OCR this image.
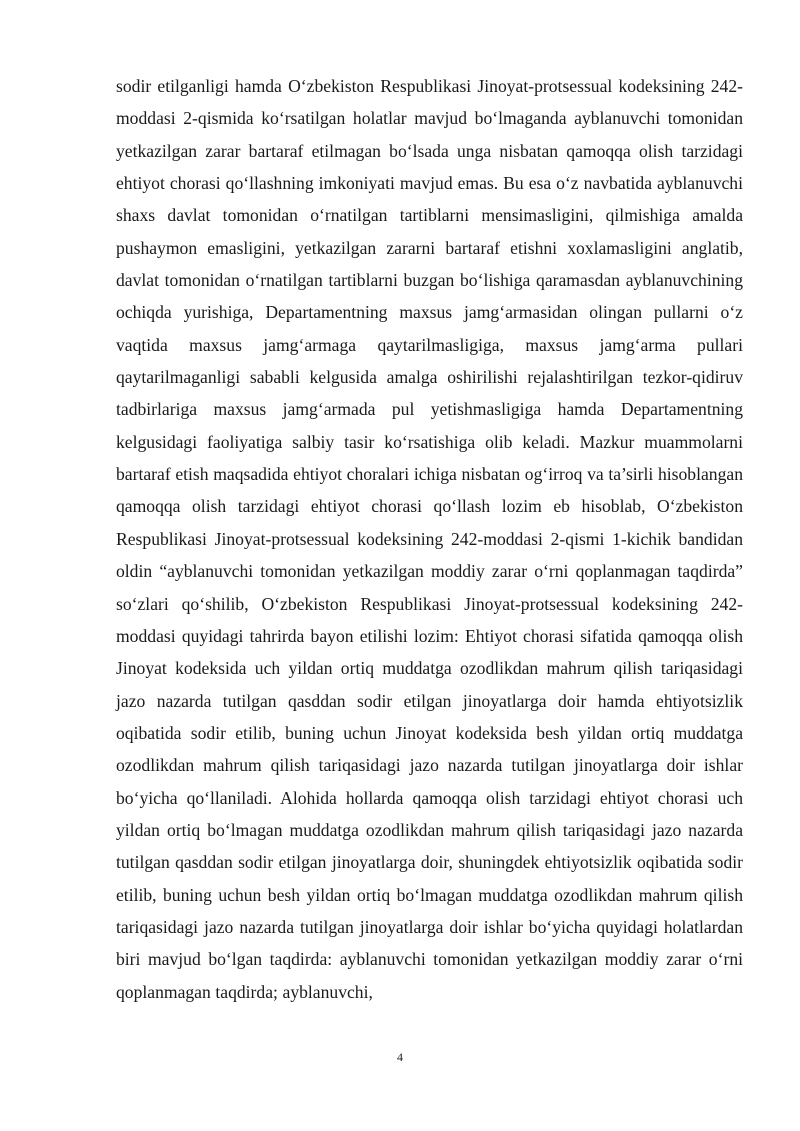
sodir etilganligi hamda O‘zbekiston Respublikasi Jinoyat-protsessual kodeksining 242-moddasi 2-qismida ko‘rsatilgan holatlar mavjud bo‘lmaganda ayblanuvchi tomonidan yetkazilgan zarar bartaraf etilmagan bo‘lsada unga nisbatan qamoqqa olish tarzidagi ehtiyot chorasi qo‘llashning imkoniyati mavjud emas. Bu esa o‘z navbatida ayblanuvchi shaxs davlat tomonidan o‘rnatilgan tartiblarni mensimasligini, qilmishiga amalda pushaymon emasligini, yetkazilgan zararni bartaraf etishni xoxlamasligini anglatib, davlat tomonidan o‘rnatilgan tartiblarni buzgan bo‘lishiga qaramasdan ayblanuvchining ochiqda yurishiga, Departamentning maxsus jamg‘armasidan olingan pullarni o‘z vaqtida maxsus jamg‘armaga qaytarilmasligiga, maxsus jamg‘arma pullari qaytarilmaganligi sababli kelgusida amalga oshirilishi rejalashtirilgan tezkor-qidiruv tadbirlariga maxsus jamg‘armada pul yetishmasligiga hamda Departamentning kelgusidagi faoliyatiga salbiy tasir ko‘rsatishiga olib keladi. Mazkur muammolarni bartaraf etish maqsadida ehtiyot choralari ichiga nisbatan og‘irroq va ta’sirli hisoblangan qamoqqa olish tarzidagi ehtiyot chorasi qo‘llash lozim eb hisoblab, O‘zbekiston Respublikasi Jinoyat-protsessual kodeksining 242-moddasi 2-qismi 1-kichik bandidan oldin “ayblanuvchi tomonidan yetkazilgan moddiy zarar o‘rni qoplanmagan taqdirda” so‘zlari qo‘shilib, O‘zbekiston Respublikasi Jinoyat-protsessual kodeksining 242-moddasi quyidagi tahrirda bayon etilishi lozim: Ehtiyot chorasi sifatida qamoqqa olish Jinoyat kodeksida uch yildan ortiq muddatga ozodlikdan mahrum qilish tariqasidagi jazo nazarda tutilgan qasddan sodir etilgan jinoyatlarga doir hamda ehtiyotsizlik oqibatida sodir etilib, buning uchun Jinoyat kodeksida besh yildan ortiq muddatga ozodlikdan mahrum qilish tariqasidagi jazo nazarda tutilgan jinoyatlarga doir ishlar bo‘yicha qo‘llaniladi. Alohida hollarda qamoqqa olish tarzidagi ehtiyot chorasi uch yildan ortiq bo‘lmagan muddatga ozodlikdan mahrum qilish tariqasidagi jazo nazarda tutilgan qasddan sodir etilgan jinoyatlarga doir, shuningdek ehtiyotsizlik oqibatida sodir etilib, buning uchun besh yildan ortiq bo‘lmagan muddatga ozodlikdan mahrum qilish tariqasidagi jazo nazarda tutilgan jinoyatlarga doir ishlar bo‘yicha quyidagi holatlardan biri mavjud bo‘lgan taqdirda: ayblanuvchi tomonidan yetkazilgan moddiy zarar o‘rni qoplanmagan taqdirda; ayblanuvchi,

4
